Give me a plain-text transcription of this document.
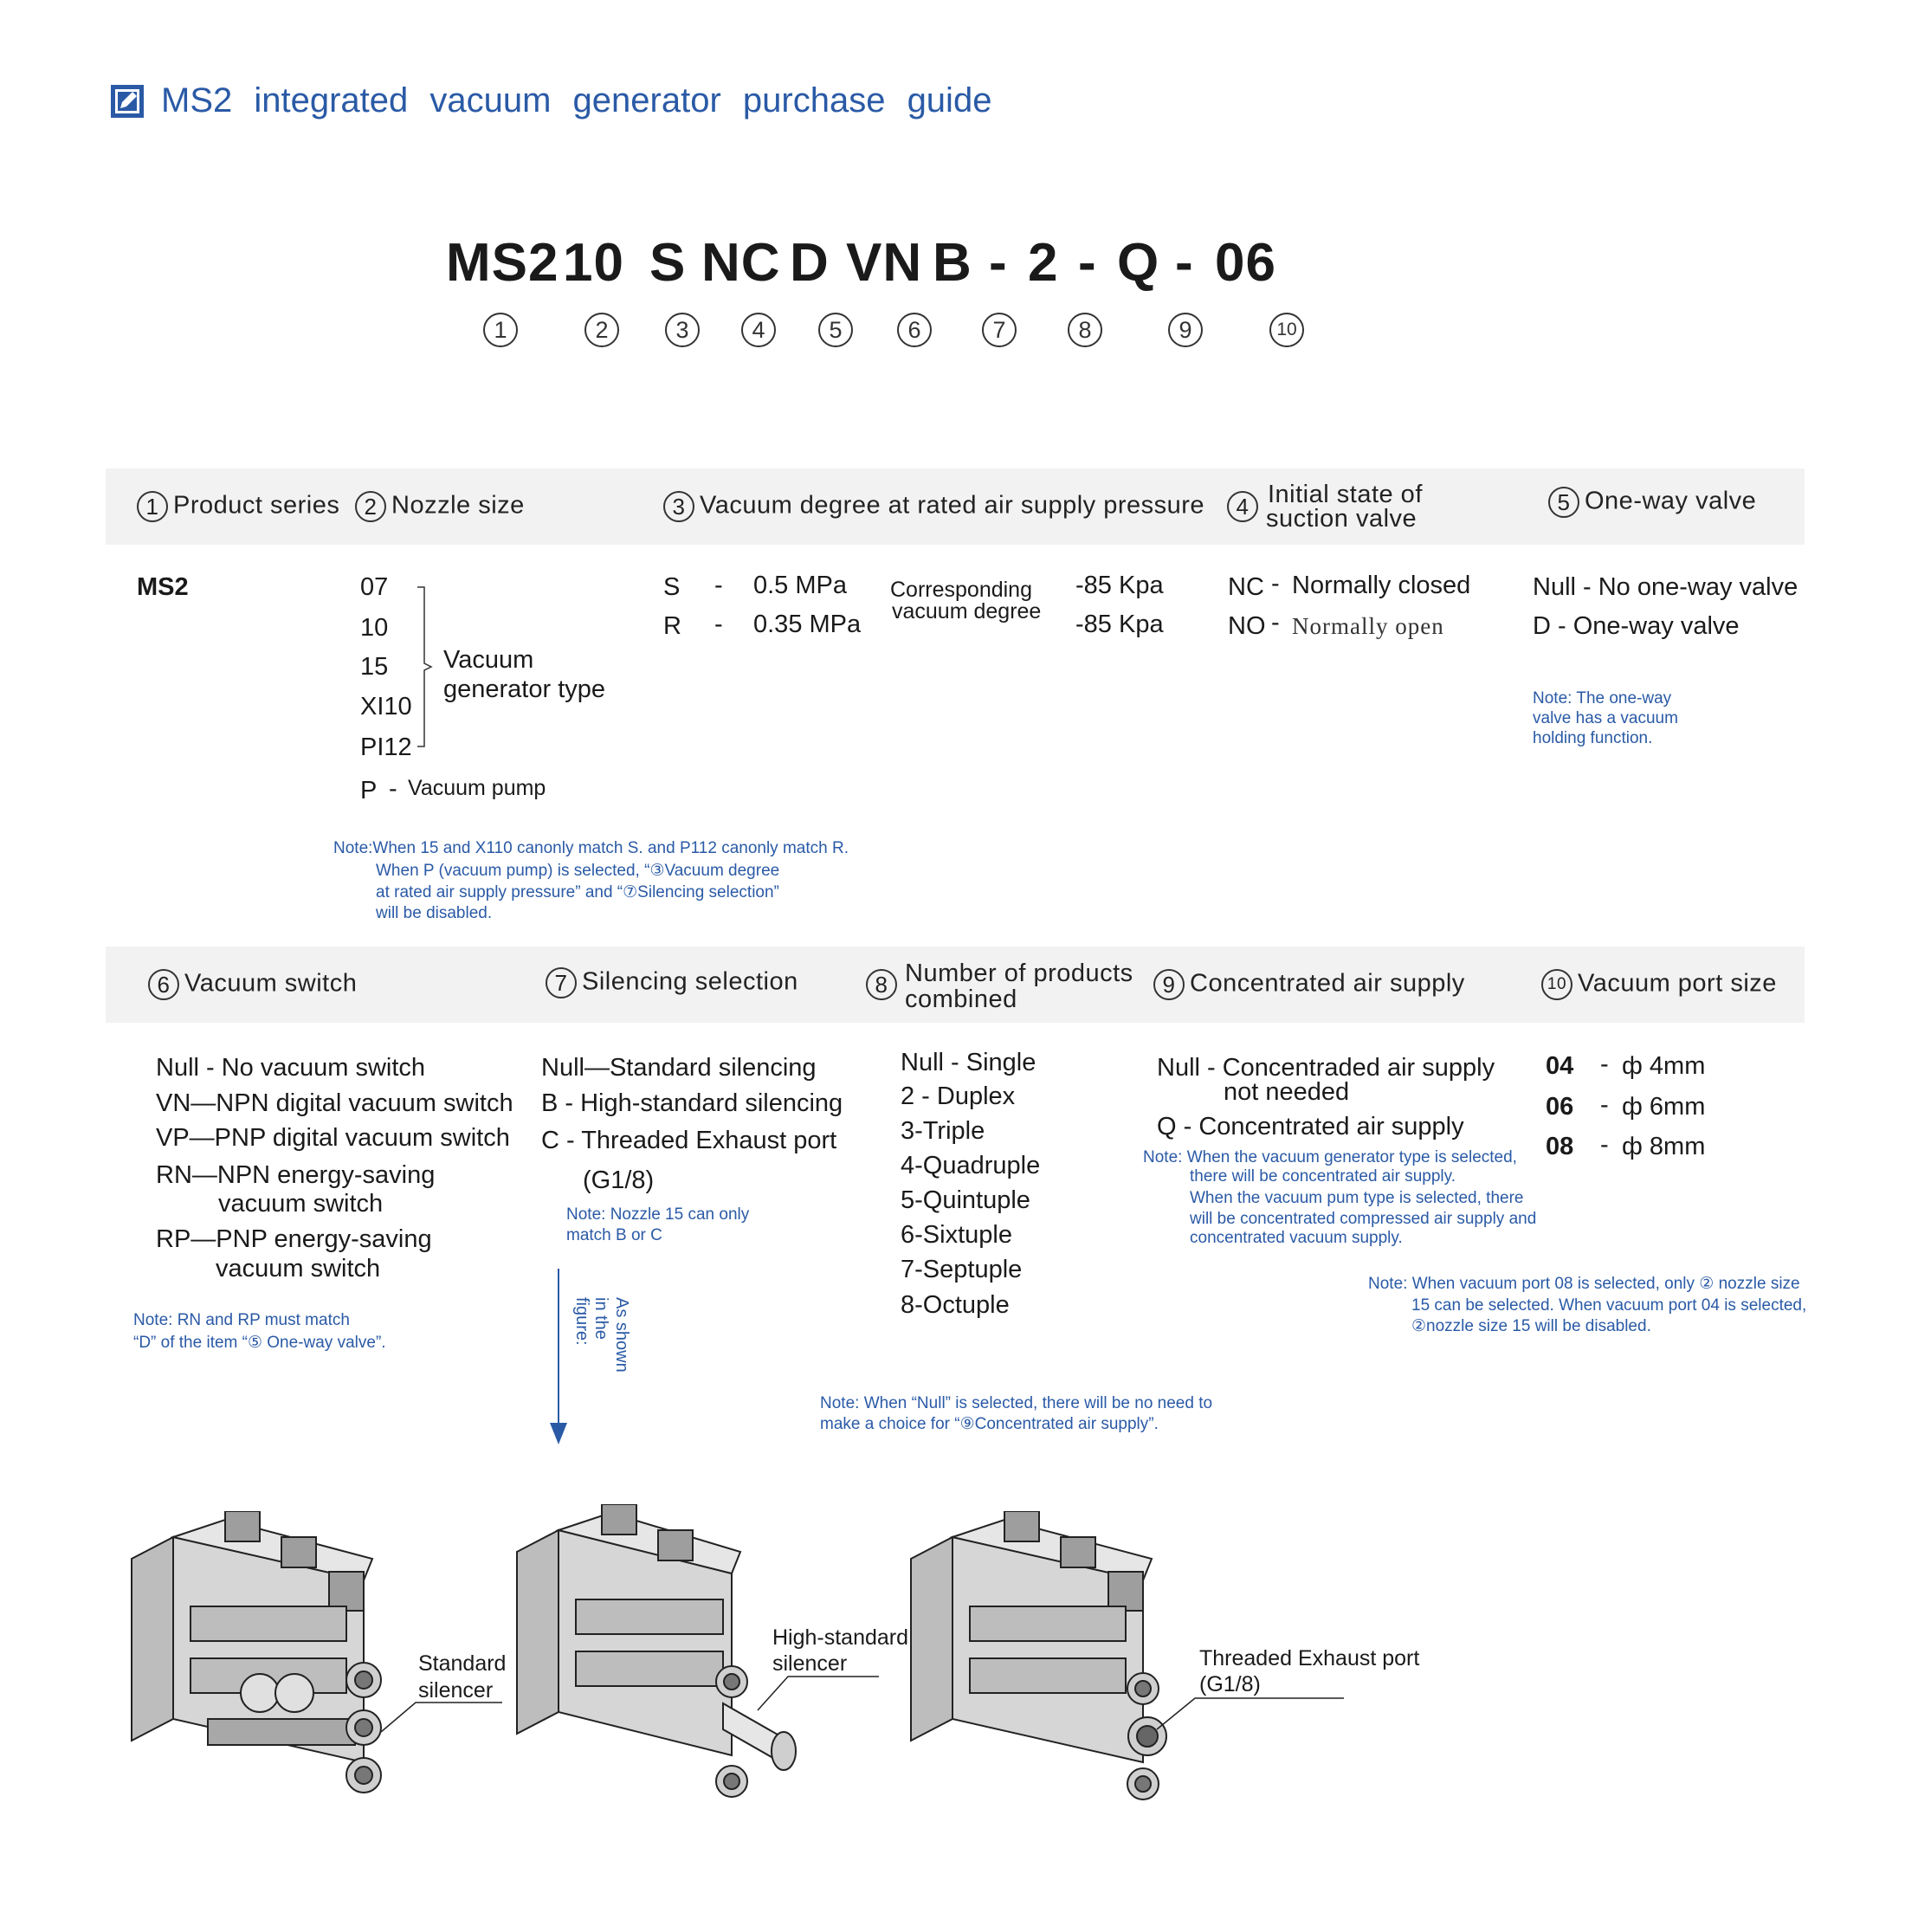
MS2 integrated vacuum generator purchase guide
MS2 10 S NC D VN B - 2 - Q - 06
1	2	3	4	5	6	7	8	9	10
1 Product series	2 Nozzle size	3 Vacuum degree at rated air supply pressure	4 Initial state of
suction valve
5 One-way valve
MS2	07
10
15
XI10
PI12
Vacuum
generator type
P - Vacuum pump
S - 0.5 MPa
R - 0.35 MPa
Corresponding
vacuum degree
-85 Kpa
-85 Kpa
NC - Normally closed
NO - Normally open
Null - No one-way valve
D - One-way valve
Note: The one-way
valve has a vacuum
holding function.
Note:When 15 and X110 canonly match S. and P112 canonly match R.
When P (vacuum pump) is selected, “③Vacuum degree
at rated air supply pressure” and “⑦Silencing selection”
will be disabled.
6 Vacuum switch	7 Silencing selection	8 Number of products
combined
9 Concentrated air supply	10 Vacuum port size
Null - No vacuum switch
VN—NPN digital vacuum switch
VP—PNP digital vacuum switch
RN—NPN energy-saving
vacuum switch
RP—PNP energy-saving
vacuum switch
Note: RN and RP must match
“D” of the item “⑤ One-way valve”.
Null—Standard silencing
B - High-standard silencing
C - Threaded Exhaust port
(G1/8)
Note: Nozzle 15 can only
match B or C
figure: in the As shown
Null - Single
2 - Duplex
3-Triple
4-Quadruple
5-Quintuple
6-Sixtuple
7-Septuple
8-Octuple
Note: When “Null” is selected, there will be no need to
make a choice for “⑨Concentrated air supply”.
Null - Concentraded air supply
not needed
Q - Concentrated air supply
Note: When the vacuum generator type is selected,
there will be concentrated air supply.
When the vacuum pum type is selected, there
will be concentrated compressed air supply and
concentrated vacuum supply.
04 - ф 4mm
06 - ф 6mm
08 - ф 8mm
Note: When vacuum port 08 is selected, only ② nozzle size
15 can be selected. When vacuum port 04 is selected,
②nozzle size 15 will be disabled.
Standard
silencer
High-standard
silencer	Threaded Exhaust port
(G1/8)
